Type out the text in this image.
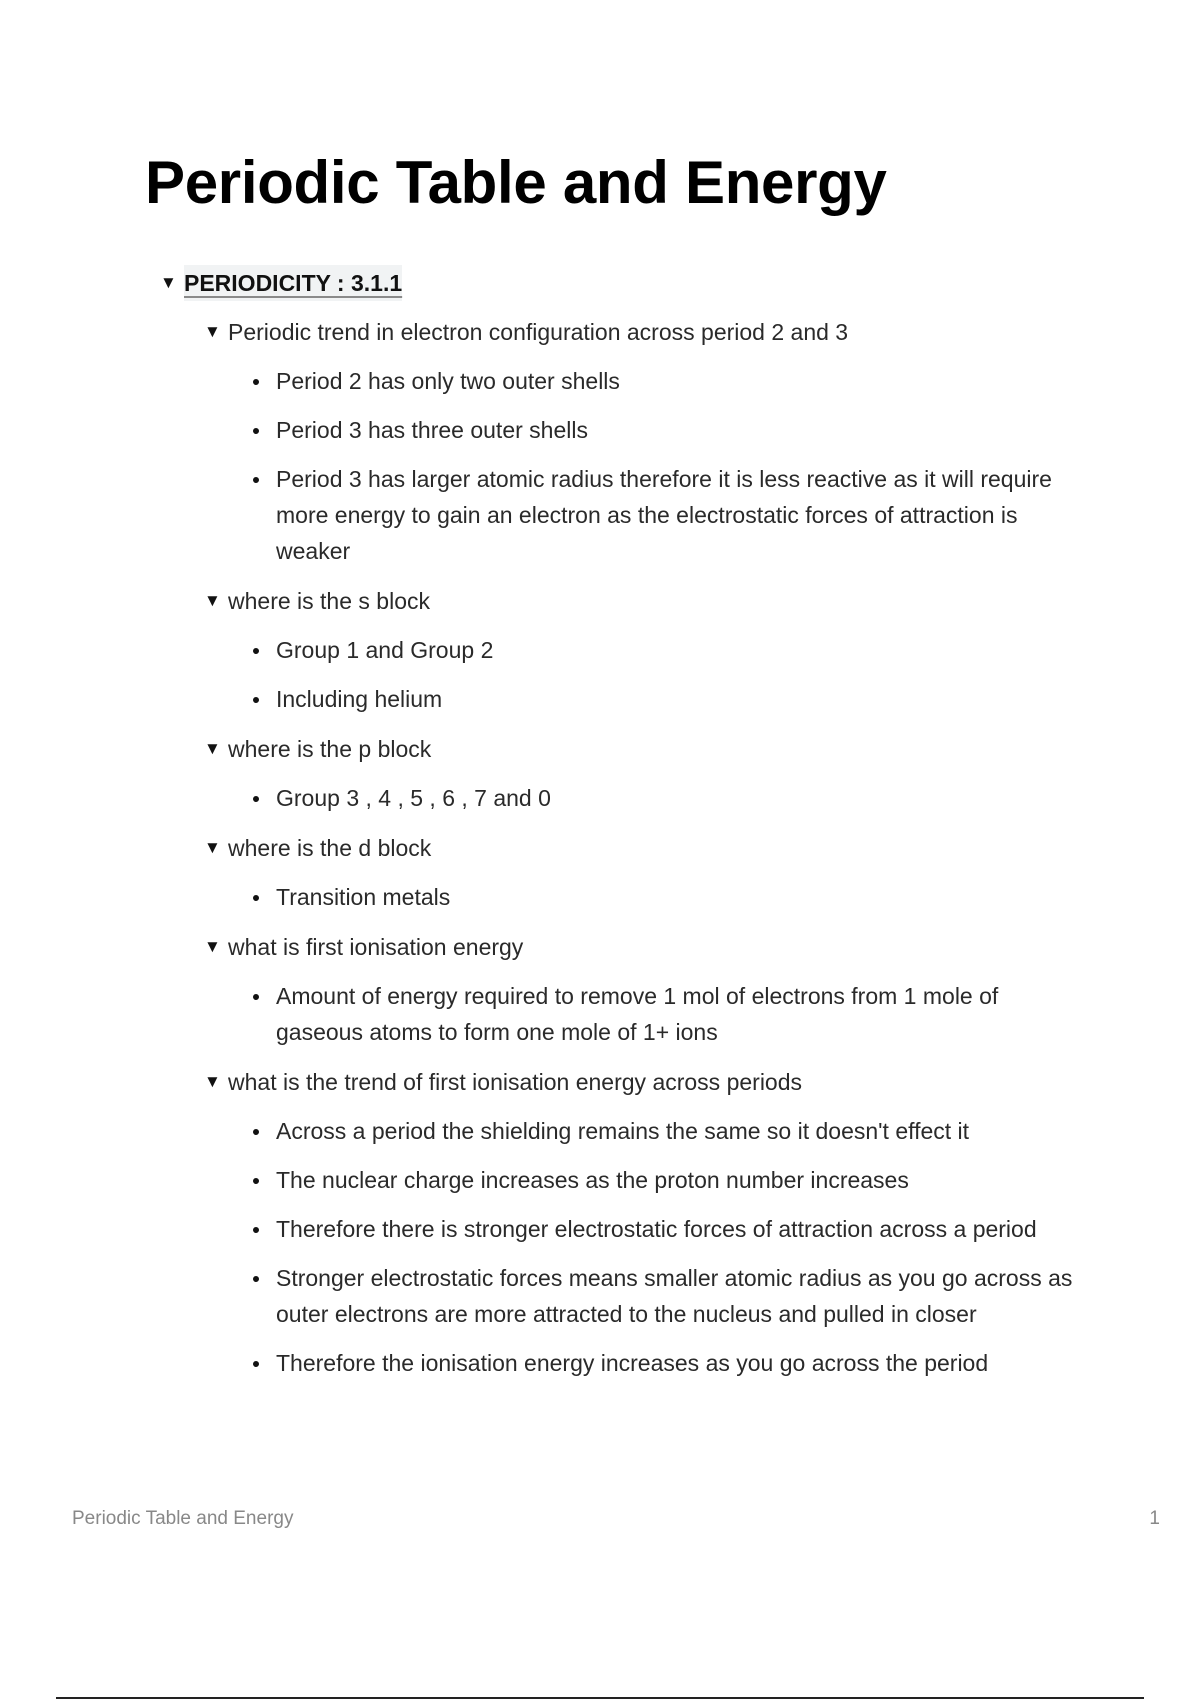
Periodic Table and Energy
▼ PERIODICITY : 3.1.1
▼ Periodic trend in electron configuration across period 2 and 3
Period 2 has only two outer shells
Period 3 has three outer shells
Period 3 has larger atomic radius therefore it is less reactive as it will require more energy to gain an electron as the electrostatic forces of attraction is weaker
▼ where is the s block
Group 1 and Group 2
Including helium
▼ where is the p block
Group 3 , 4 , 5 , 6 , 7 and 0
▼ where is the d block
Transition metals
▼ what is first ionisation energy
Amount of energy required to remove 1 mol of electrons from 1 mole of gaseous atoms to form one mole of 1+ ions
▼ what is the trend of first ionisation energy across periods
Across a period the shielding remains the same so it doesn't effect it
The nuclear charge increases as the proton number increases
Therefore there is stronger electrostatic forces of attraction across a period
Stronger electrostatic forces means smaller atomic radius as you go across as outer electrons are more attracted to the nucleus and pulled in closer
Therefore the ionisation energy increases as you go across the period
Periodic Table and Energy	1
